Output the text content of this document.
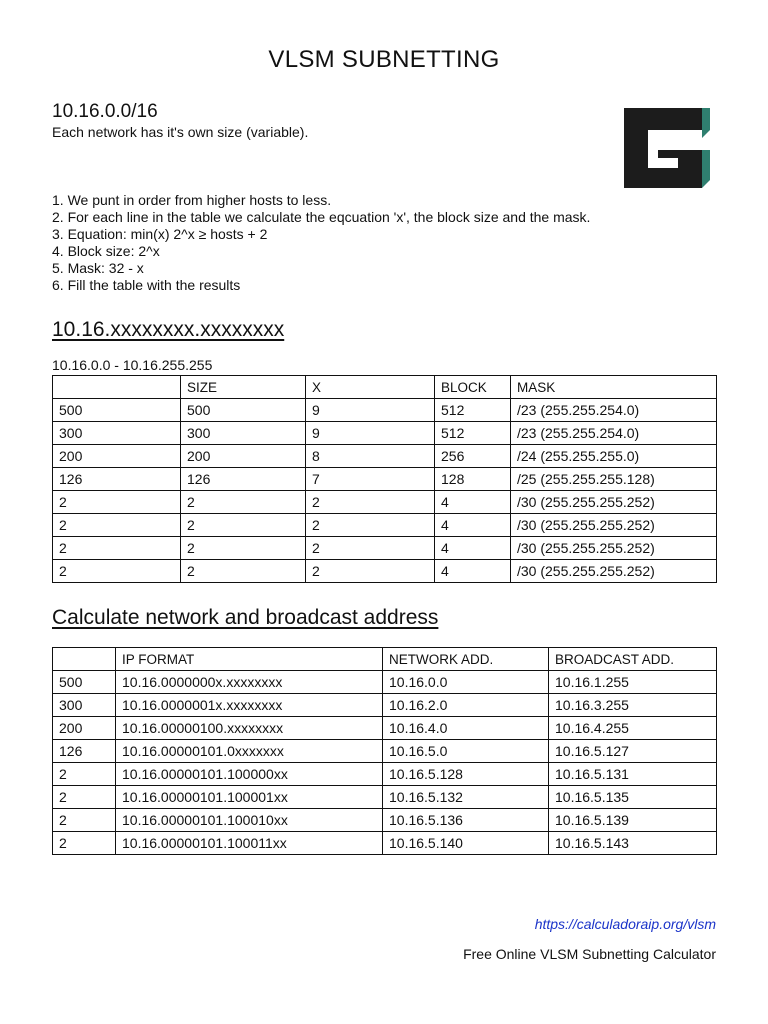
VLSM SUBNETTING
10.16.0.0/16
Each network has it's own size (variable).
1. We punt in order from higher hosts to less.
2. For each line in the table we calculate the eqcuation 'x', the block size and the mask.
3. Equation: min(x) 2^x ≥ hosts + 2
4. Block size: 2^x
5. Mask: 32 - x
6. Fill the table with the results
10.16.xxxxxxxx.xxxxxxxx
10.16.0.0 - 10.16.255.255
	SIZE	X	BLOCK	MASK
500	500	9	512	/23 (255.255.254.0)
300	300	9	512	/23 (255.255.254.0)
200	200	8	256	/24 (255.255.255.0)
126	126	7	128	/25 (255.255.255.128)
2	2	2	4	/30 (255.255.255.252)
2	2	2	4	/30 (255.255.255.252)
2	2	2	4	/30 (255.255.255.252)
2	2	2	4	/30 (255.255.255.252)
Calculate network and broadcast address
	IP FORMAT	NETWORK ADD.	BROADCAST ADD.
500	10.16.0000000x.xxxxxxxx	10.16.0.0	10.16.1.255
300	10.16.0000001x.xxxxxxxx	10.16.2.0	10.16.3.255
200	10.16.00000100.xxxxxxxx	10.16.4.0	10.16.4.255
126	10.16.00000101.0xxxxxxx	10.16.5.0	10.16.5.127
2	10.16.00000101.100000xx	10.16.5.128	10.16.5.131
2	10.16.00000101.100001xx	10.16.5.132	10.16.5.135
2	10.16.00000101.100010xx	10.16.5.136	10.16.5.139
2	10.16.00000101.100011xx	10.16.5.140	10.16.5.143
https://calculadoraip.org/vlsm
Free Online VLSM Subnetting Calculator
